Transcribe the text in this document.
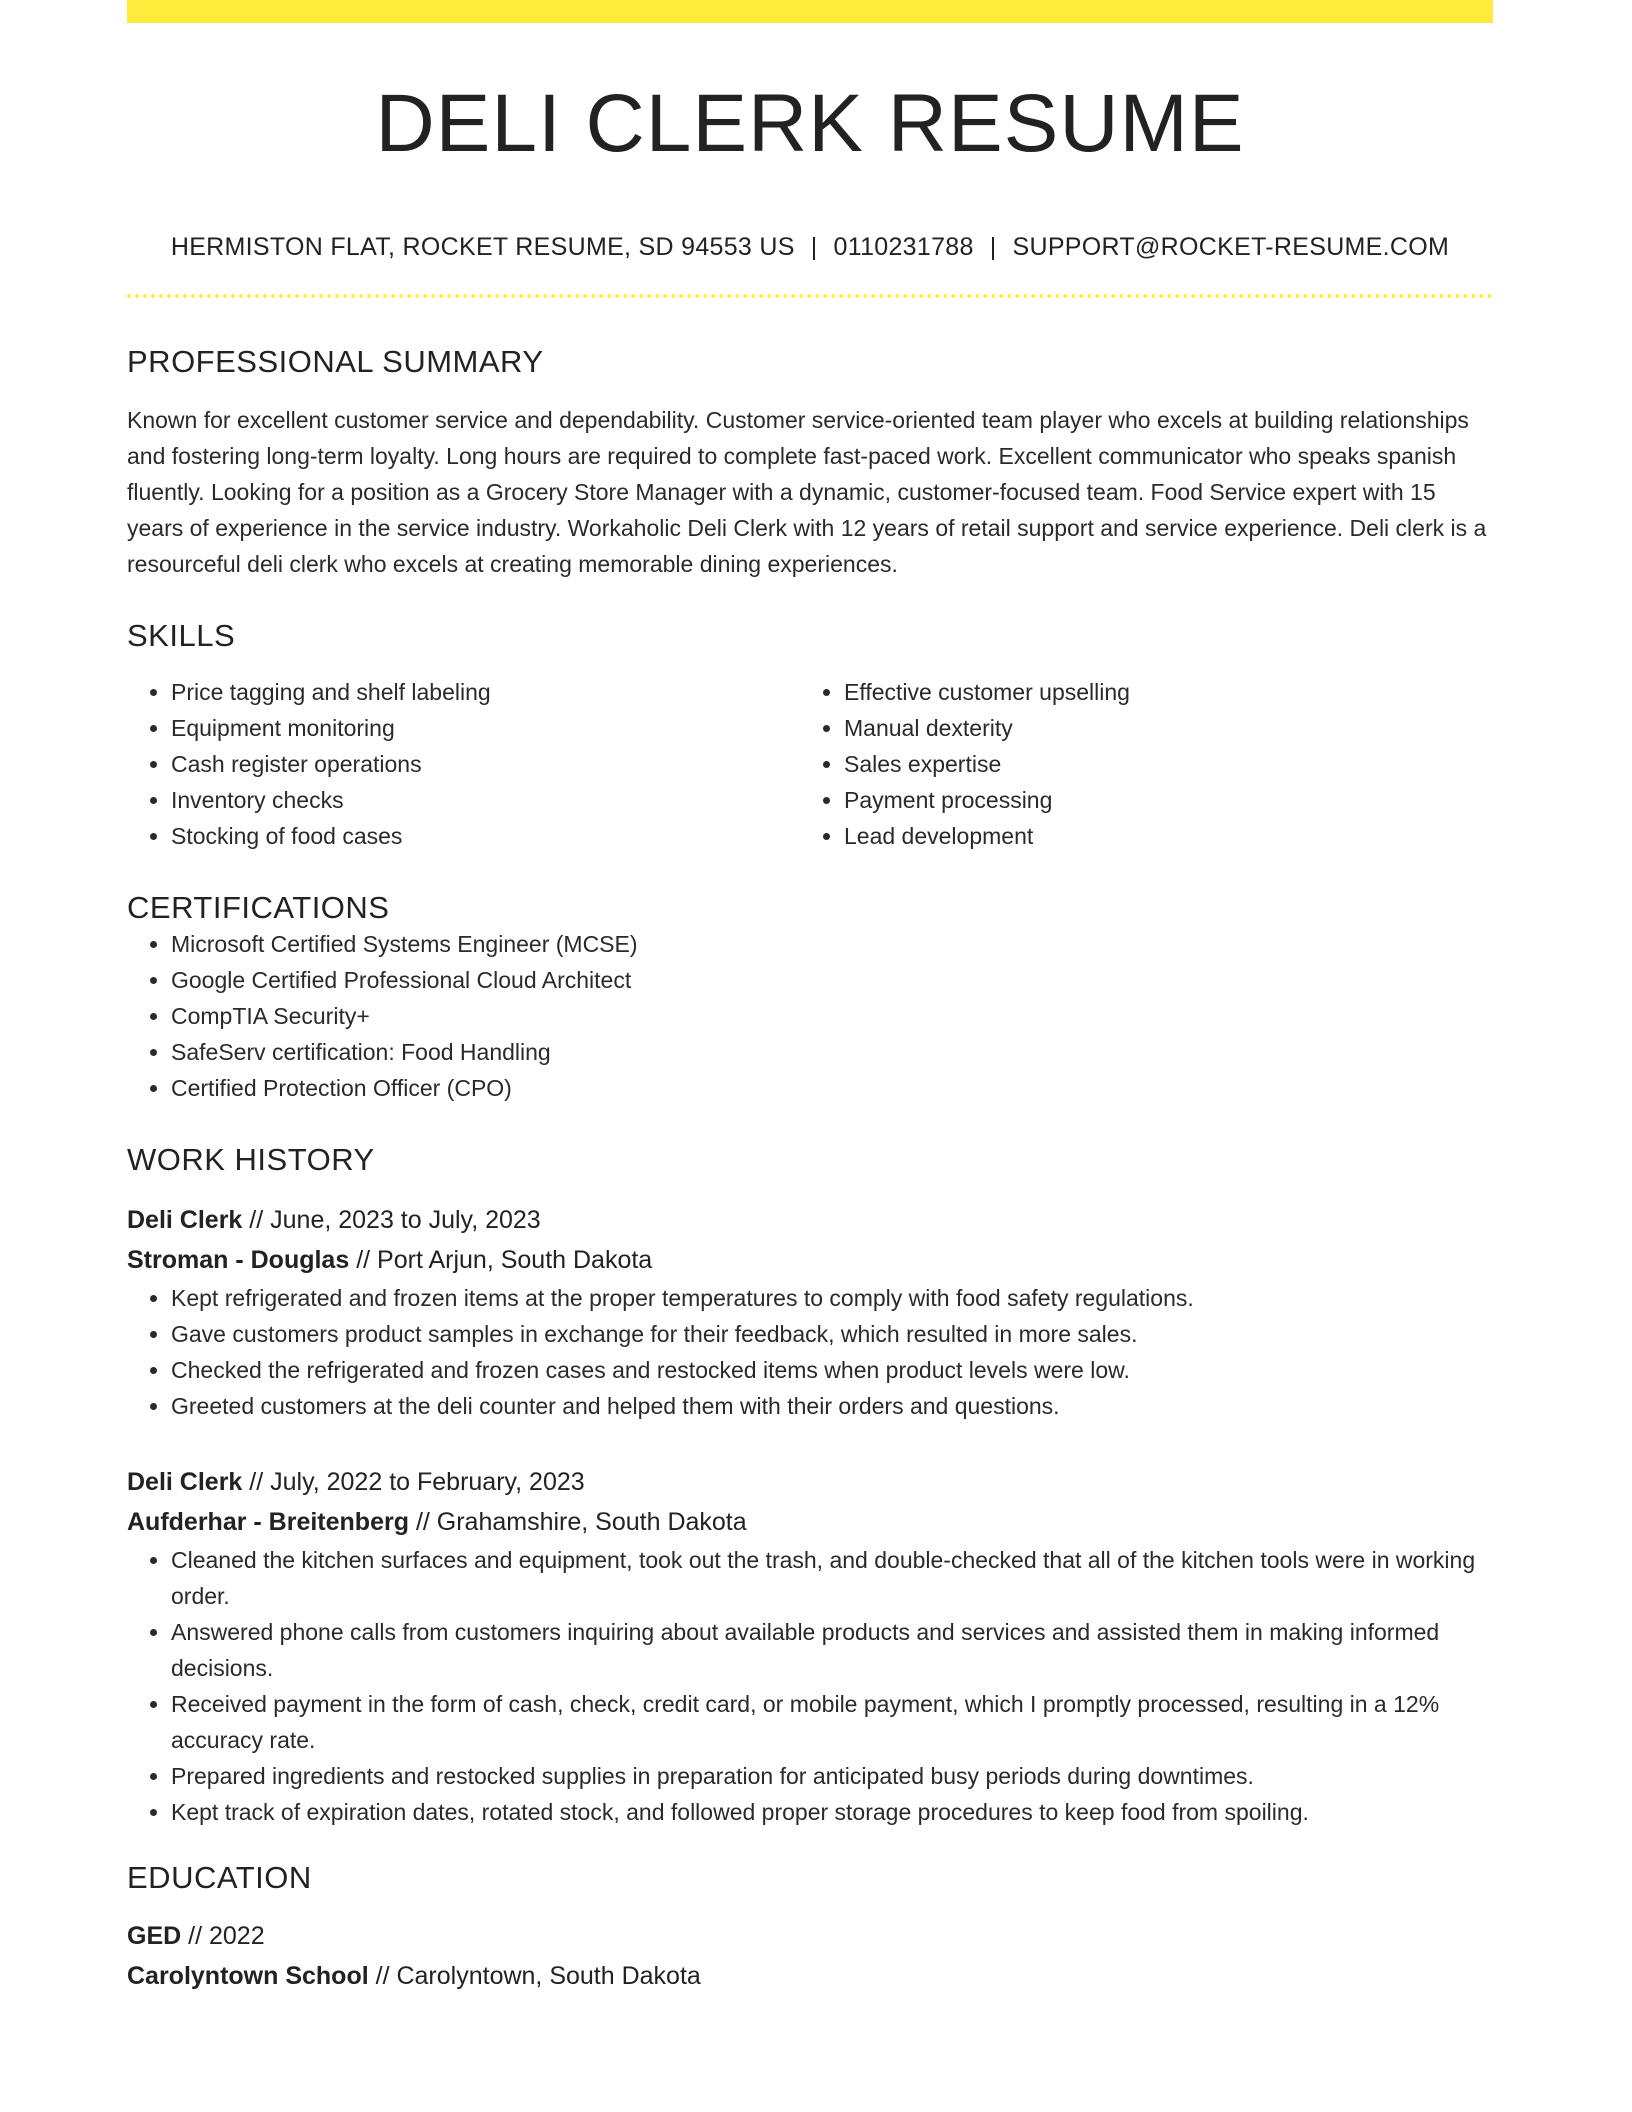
DELI CLERK RESUME
HERMISTON FLAT, ROCKET RESUME, SD 94553 US | 0110231788 | SUPPORT@ROCKET-RESUME.COM
PROFESSIONAL SUMMARY

Known for excellent customer service and dependability. Customer service-oriented team player who excels at building relationships and fostering long-term loyalty. Long hours are required to complete fast-paced work. Excellent communicator who speaks spanish fluently. Looking for a position as a Grocery Store Manager with a dynamic, customer-focused team. Food Service expert with 15 years of experience in the service industry. Workaholic Deli Clerk with 12 years of retail support and service experience. Deli clerk is a resourceful deli clerk who excels at creating memorable dining experiences.

SKILLS
• Price tagging and shelf labeling
• Equipment monitoring
• Cash register operations
• Inventory checks
• Stocking of food cases
• Effective customer upselling
• Manual dexterity
• Sales expertise
• Payment processing
• Lead development
CERTIFICATIONS
• Microsoft Certified Systems Engineer (MCSE)
• Google Certified Professional Cloud Architect
• CompTIA Security+
• SafeServ certification: Food Handling
• Certified Protection Officer (CPO)
WORK HISTORY
Deli Clerk // June, 2023 to July, 2023
Stroman - Douglas // Port Arjun, South Dakota
• Kept refrigerated and frozen items at the proper temperatures to comply with food safety regulations.
• Gave customers product samples in exchange for their feedback, which resulted in more sales.
• Checked the refrigerated and frozen cases and restocked items when product levels were low.
• Greeted customers at the deli counter and helped them with their orders and questions.
Deli Clerk // July, 2022 to February, 2023
Aufderhar - Breitenberg // Grahamshire, South Dakota
• Cleaned the kitchen surfaces and equipment, took out the trash, and double-checked that all of the kitchen tools were in working order.
• Answered phone calls from customers inquiring about available products and services and assisted them in making informed decisions.
• Received payment in the form of cash, check, credit card, or mobile payment, which I promptly processed, resulting in a 12% accuracy rate.
• Prepared ingredients and restocked supplies in preparation for anticipated busy periods during downtimes.
• Kept track of expiration dates, rotated stock, and followed proper storage procedures to keep food from spoiling.
EDUCATION
GED // 2022
Carolyntown School // Carolyntown, South Dakota
